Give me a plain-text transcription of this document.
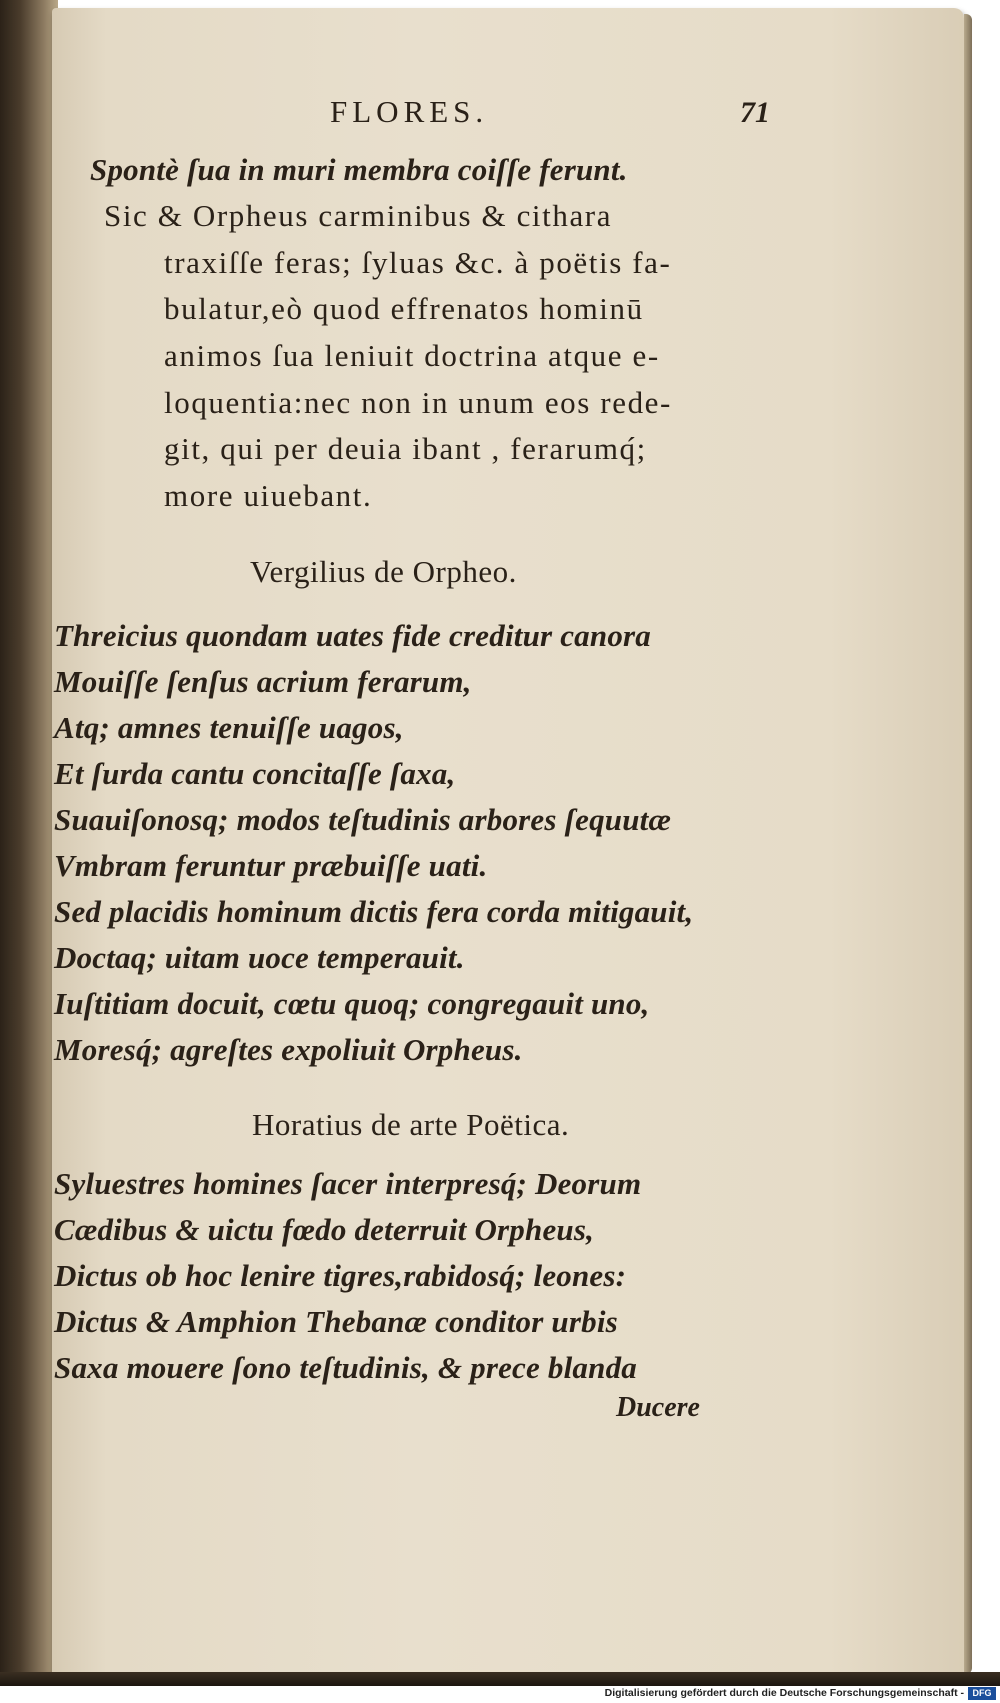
FLORES.	71
Spontè ſua in muri membra coiſſe ferunt.
Sic & Orpheus carminibus & cithara
traxiſſe feras; ſyluas &c. à poëtis fa-
bulatur,eò quod effrenatos hominū
animos ſua leniuit doctrina atque e-
loquentia:nec non in unum eos rede-
git, qui per deuia ibant , ferarumq́;
more uiuebant.
Vergilius de Orpheo.
Threicius quondam uates fide creditur canora
Mouiſſe ſenſus acrium ferarum,
Atq; amnes tenuiſſe uagos,
Et ſurda cantu concitaſſe ſaxa,
Suauiſonosq; modos teſtudinis arbores ſequutæ
Vmbram feruntur præbuiſſe uati.
Sed placidis hominum dictis fera corda mitigauit,
Doctaq; uitam uoce temperauit.
Iuſtitiam docuit, cœtu quoq; congregauit uno,
Moresq́; agreſtes expoliuit Orpheus.
Horatius de arte Poëtica.
Syluestres homines ſacer interpresq́; Deorum
Cædibus & uictu fœdo deterruit Orpheus,
Dictus ob hoc lenire tigres,rabidosq́; leones:
Dictus & Amphion Thebanæ conditor urbis
Saxa mouere ſono teſtudinis, & prece blanda
Ducere
Digitalisierung gefördert durch die Deutsche Forschungsgemeinschaft - DFG
